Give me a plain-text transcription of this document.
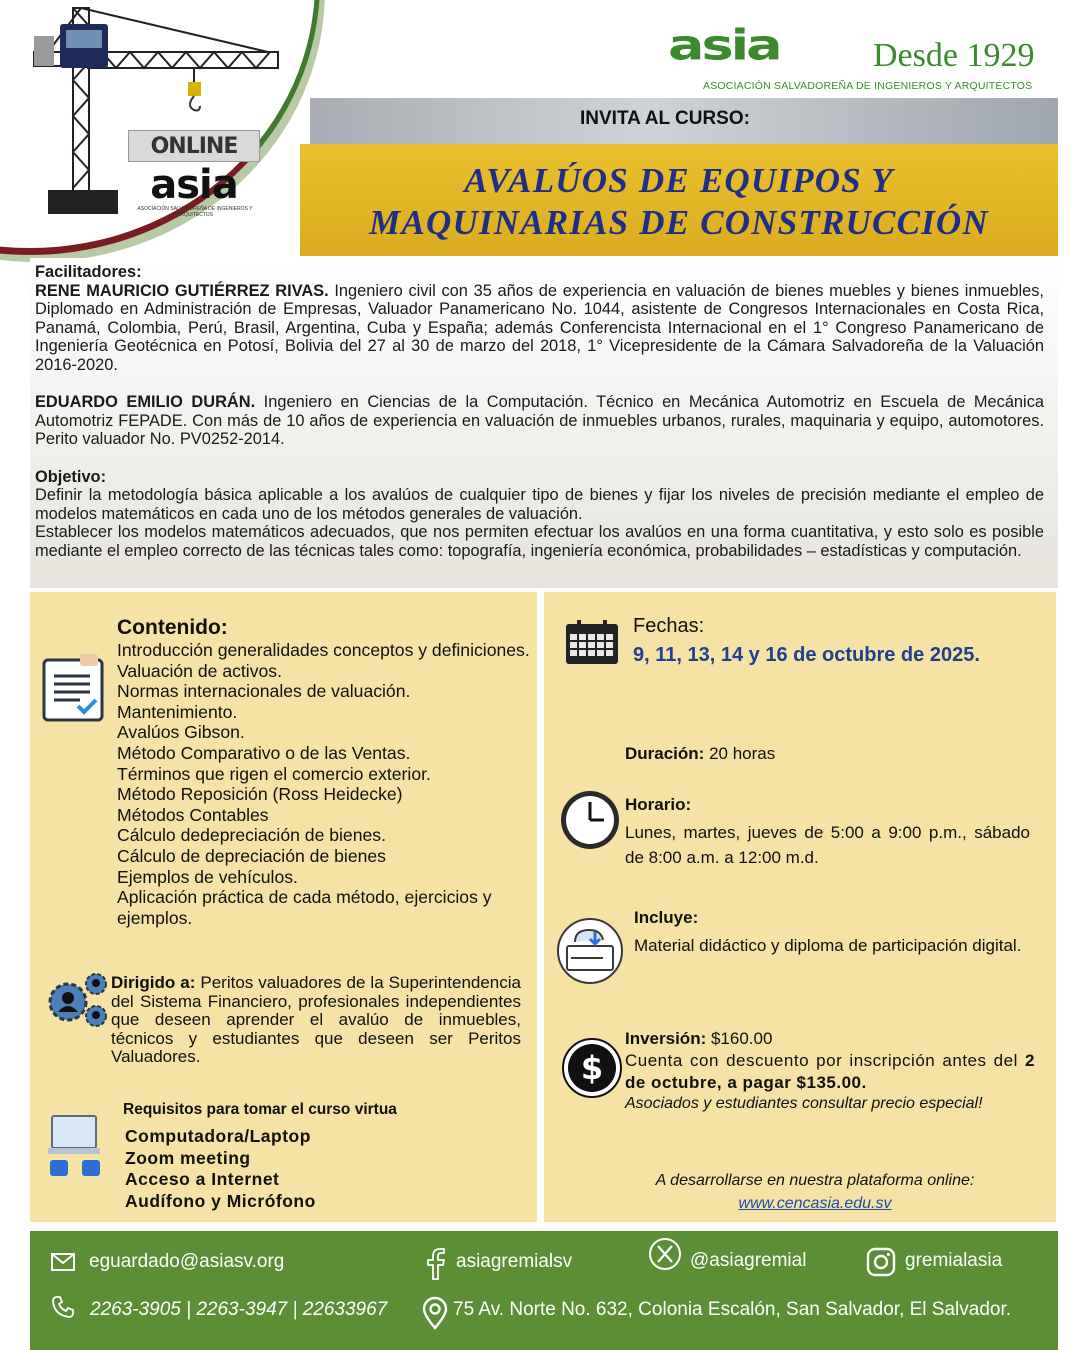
ONLINE
asia
ASOCIACIÓN SALVADOREÑA DE INGENIEROS Y ARQUITECTOS
asia	Desde 1929
ASOCIACIÓN SALVADOREÑA DE INGENIEROS Y ARQUITECTOS
INVITA AL CURSO:
AVALÚOS DE EQUIPOS Y
MAQUINARIAS DE CONSTRUCCIÓN

Facilitadores:

RENE MAURICIO GUTIÉRREZ RIVAS. Ingeniero civil con 35 años de experiencia en valuación de bienes muebles y bienes inmuebles, Diplomado en Administración de Empresas, Valuador Panamericano No. 1044, asistente de Congresos Internacionales en Costa Rica, Panamá, Colombia, Perú, Brasil, Argentina, Cuba y España; además Conferencista Internacional en el 1° Congreso Panamericano de Ingeniería Geotécnica en Potosí, Bolivia del 27 al 30 de marzo del 2018, 1° Vicepresidente de la Cámara Salvadoreña de la Valuación 2016-2020.

EDUARDO EMILIO DURÁN. Ingeniero en Ciencias de la Computación. Técnico en Mecánica Automotriz en Escuela de Mecánica Automotriz FEPADE. Con más de 10 años de experiencia en valuación de inmuebles urbanos, rurales, maquinaria y equipo, automotores. Perito valuador No. PV0252-2014.

Objetivo:

Definir la metodología básica aplicable a los avalúos de cualquier tipo de bienes y fijar los niveles de precisión mediante el empleo de modelos matemáticos en cada uno de los métodos generales de valuación.

Establecer los modelos matemáticos adecuados, que nos permiten efectuar los avalúos en una forma cuantitativa, y esto solo es posible mediante el empleo correcto de las técnicas tales como: topografía, ingeniería económica, probabilidades – estadísticas y computación.

Contenido:
Introducción generalidades conceptos y definiciones.
Valuación de activos.
Normas internacionales de valuación.
Mantenimiento.
Avalúos Gibson.
Método Comparativo o de las Ventas.
Términos que rigen el comercio exterior.
Método Reposición (Ross Heidecke)
Métodos Contables
Cálculo dedepreciación de bienes.
Cálculo de depreciación de bienes
Ejemplos de vehículos.
Aplicación práctica de cada método, ejercicios y ejemplos.
Dirigido a: Peritos valuadores de la Superintendencia del Sistema Financiero, profesionales independientes que deseen aprender el avalúo de inmuebles, técnicos y estudiantes que deseen ser Peritos Valuadores.
Requisitos para tomar el curso virtua
Computadora/Laptop
Zoom meeting
Acceso a Internet
Audífono y Micrófono
Fechas:
9, 11, 13, 14 y 16 de octubre de 2025.
Duración: 20 horas
Horario:
Lunes, martes, jueves de 5:00 a 9:00 p.m., sábado de 8:00 a.m. a 12:00 m.d.
Incluye:
Material didáctico y diploma de participación digital.
$
Inversión: $160.00
Cuenta con descuento por inscripción antes del 2 de octubre, a pagar $135.00.
Asociados y estudiantes consultar precio especial!
A desarrollarse en nuestra plataforma online:
www.cencasia.edu.sv
eguardado@asiasv.org	asiagremialsv	@asiagremial	gremialasia
2263-3905 | 2263-3947 | 22633967	75 Av. Norte No. 632, Colonia Escalón, San Salvador, El Salvador.
